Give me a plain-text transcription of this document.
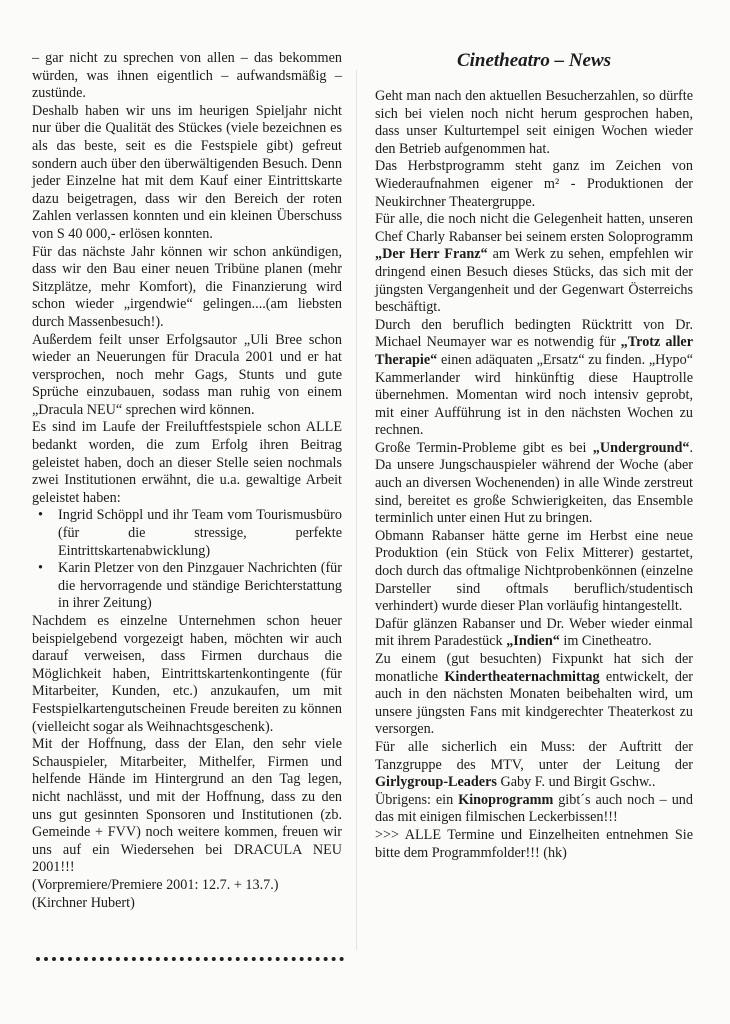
– gar nicht zu sprechen von allen – das bekommen würden, was ihnen eigentlich – aufwandsmäßig – zustünde.

Deshalb haben wir uns im heurigen Spieljahr nicht nur über die Qualität des Stückes (viele bezeichnen es als das beste, seit es die Festspiele gibt) gefreut sondern auch über den überwältigenden Besuch. Denn jeder Einzelne hat mit dem Kauf einer Eintrittskarte dazu beigetragen, dass wir den Bereich der roten Zahlen verlassen konnten und ein kleinen Überschuss von S 40 000,- erlösen konnten.

Für das nächste Jahr können wir schon ankündigen, dass wir den Bau einer neuen Tribüne planen (mehr Sitzplätze, mehr Komfort), die Finanzierung wird schon wieder „irgendwie“ gelingen....(am liebsten durch Massenbesuch!).

Außerdem feilt unser Erfolgsautor „Uli Bree schon wieder an Neuerungen für Dracula 2001 und er hat versprochen, noch mehr Gags, Stunts und gute Sprüche einzubauen, sodass man ruhig von einem „Dracula NEU“ sprechen wird können.

Es sind im Laufe der Freiluftfestspiele schon ALLE bedankt worden, die zum Erfolg ihren Beitrag geleistet haben, doch an dieser Stelle seien nochmals zwei Institutionen erwähnt, die u.a. gewaltige Arbeit geleistet haben:

• Ingrid Schöppl und ihr Team vom Tourismusbüro (für die stressige, perfekte Eintrittskartenabwicklung)
• Karin Pletzer von den Pinzgauer Nachrichten (für die hervorragende und ständige Berichterstattung in ihrer Zeitung)

Nachdem es einzelne Unternehmen schon heuer beispielgebend vorgezeigt haben, möchten wir auch darauf verweisen, dass Firmen durchaus die Möglichkeit haben, Eintrittskartenkontingente (für Mitarbeiter, Kunden, etc.) anzukaufen, um mit Festspielkartengutscheinen Freude bereiten zu können (vielleicht sogar als Weihnachtsgeschenk).

Mit der Hoffnung, dass der Elan, den sehr viele Schauspieler, Mitarbeiter, Mithelfer, Firmen und helfende Hände im Hintergrund an den Tag legen, nicht nachlässt, und mit der Hoffnung, dass zu den uns gut gesinnten Sponsoren und Institutionen (zb. Gemeinde + FVV) noch weitere kommen, freuen wir uns auf ein Wiedersehen bei DRACULA NEU 2001!!!

(Vorpremiere/Premiere 2001: 12.7. + 13.7.)

(Kirchner Hubert)

Cinetheatro – News

Geht man nach den aktuellen Besucherzahlen, so dürfte sich bei vielen noch nicht herum gesprochen haben, dass unser Kulturtempel seit einigen Wochen wieder den Betrieb aufgenommen hat.

Das Herbstprogramm steht ganz im Zeichen von Wiederaufnahmen eigener m² - Produktionen der Neukirchner Theatergruppe.

Für alle, die noch nicht die Gelegenheit hatten, unseren Chef Charly Rabanser bei seinem ersten Soloprogramm „Der Herr Franz“ am Werk zu sehen, empfehlen wir dringend einen Besuch dieses Stücks, das sich mit der jüngsten Vergangenheit und der Gegenwart Österreichs beschäftigt.

Durch den beruflich bedingten Rücktritt von Dr. Michael Neumayer war es notwendig für „Trotz aller Therapie“ einen adäquaten „Ersatz“ zu finden. „Hypo“ Kammerlander wird hinkünftig diese Hauptrolle übernehmen. Momentan wird noch intensiv geprobt, mit einer Aufführung ist in den nächsten Wochen zu rechnen.

Große Termin-Probleme gibt es bei „Underground“. Da unsere Jungschauspieler während der Woche (aber auch an diversen Wochenenden) in alle Winde zerstreut sind, bereitet es große Schwierigkeiten, das Ensemble terminlich unter einen Hut zu bringen.

Obmann Rabanser hätte gerne im Herbst eine neue Produktion (ein Stück von Felix Mitterer) gestartet, doch durch das oftmalige Nichtprobenkönnen (einzelne Darsteller sind oftmals beruflich/studentisch verhindert) wurde dieser Plan vorläufig hintangestellt.

Dafür glänzen Rabanser und Dr. Weber wieder einmal mit ihrem Paradestück „Indien“ im Cinetheatro.

Zu einem (gut besuchten) Fixpunkt hat sich der monatliche Kindertheaternachmittag entwickelt, der auch in den nächsten Monaten beibehalten wird, um unsere jüngsten Fans mit kindgerechter Theaterkost zu versorgen.

Für alle sicherlich ein Muss: der Auftritt der Tanzgruppe des MTV, unter der Leitung der Girlygroup-Leaders Gaby F. und Birgit Gschw..

Übrigens: ein Kinoprogramm gibt´s auch noch – und das mit einigen filmischen Leckerbissen!!!

>>> ALLE Termine und Einzelheiten entnehmen Sie bitte dem Programmfolder!!! (hk)
